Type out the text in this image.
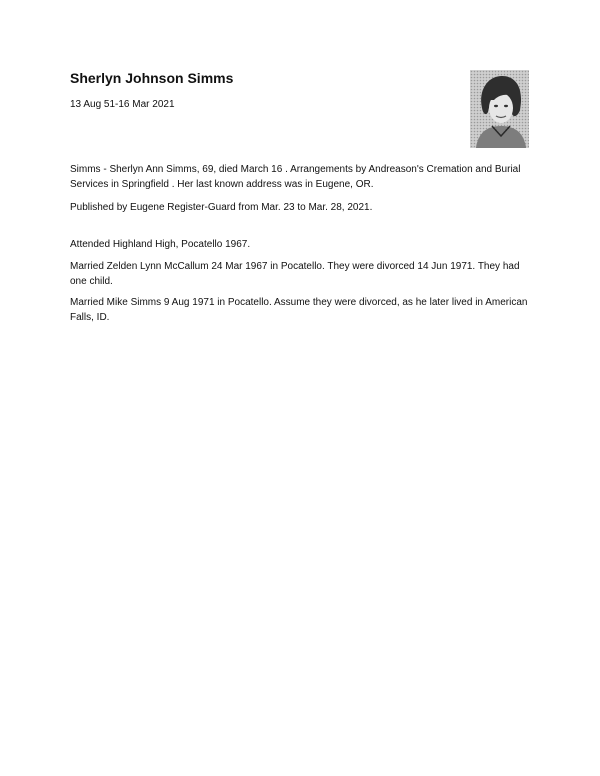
Sherlyn Johnson Simms

13 Aug 51-16 Mar 2021

Simms - Sherlyn Ann Simms, 69, died March 16 . Arrangements by Andreason's Cremation and Burial Services in Springfield . Her last known address was in Eugene, OR.

Published by Eugene Register-Guard from Mar. 23 to Mar. 28, 2021.

Attended Highland High, Pocatello 1967.

Married Zelden Lynn McCallum 24 Mar 1967 in Pocatello. They were divorced 14 Jun 1971. They had one child.

Married Mike Simms 9 Aug 1971 in Pocatello. Assume they were divorced, as he later lived in American Falls, ID.
